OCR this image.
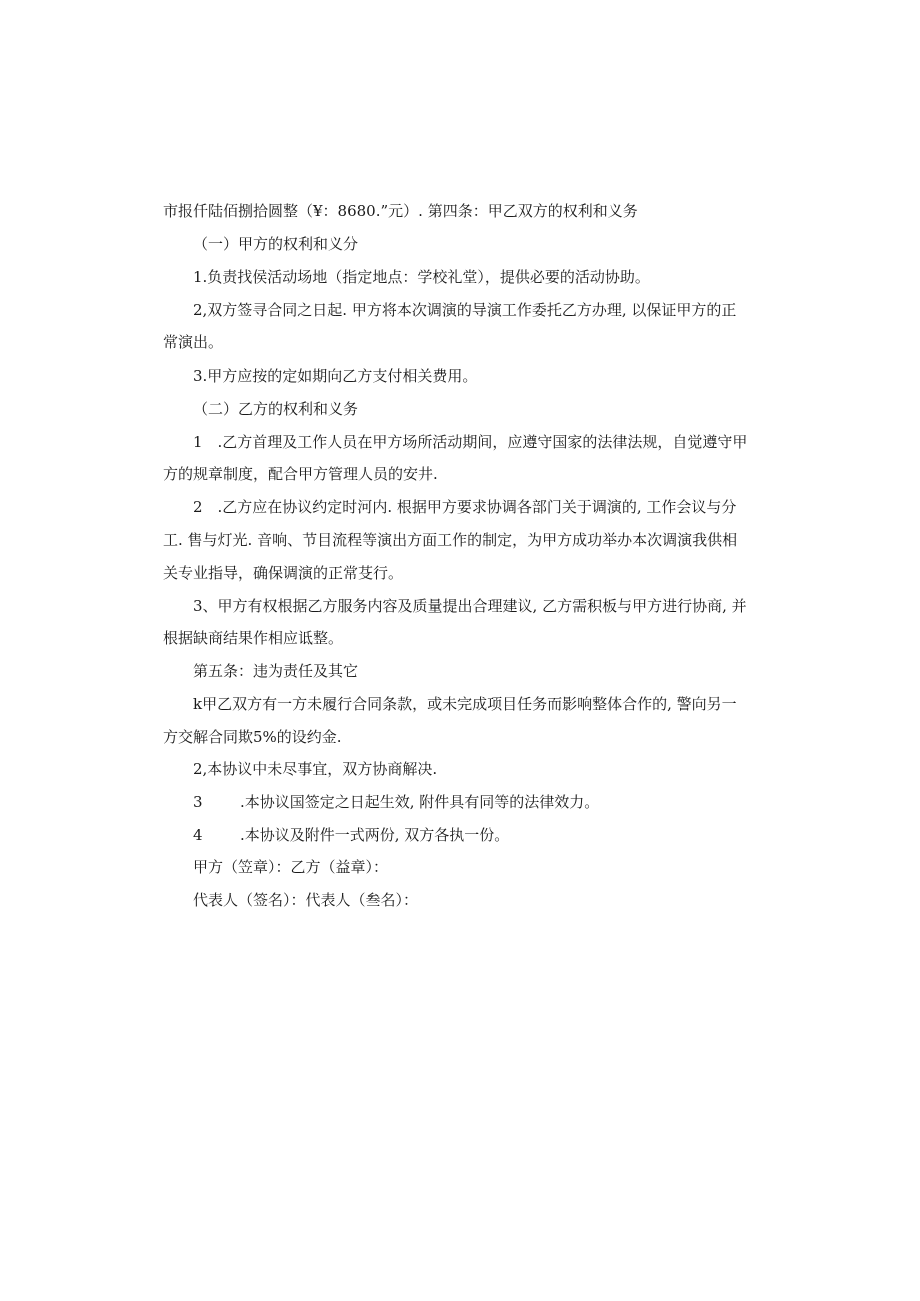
市报仟陆佰捌拾圆整（¥：8680.”元）. 第四条：甲乙双方的权利和义务

（一）甲方的权利和义分

1.负责找侯活动场地（指定地点：学校礼堂），提供必要的活动协助。

2,双方签寻合同之日起. 甲方将本次调演的导演工作委托乙方办理, 以保证甲方的正

常演出。

3.甲方应按的定如期向乙方支付相关费用。

（二）乙方的权利和义务

1　.乙方首理及工作人员在甲方场所活动期间，应遵守国家的法律法规，自觉遵守甲

方的规章制度，配合甲方管理人员的安井.

2　.乙方应在协议约定时河内. 根据甲方要求协调各部门关于调演的, 工作会议与分

工. 售与灯光. 音响、节目流程等演出方面工作的制定，为甲方成功举办本次调演我供相

关专业指导，确保调演的正常芟行。

3、甲方有权根据乙方服务内容及质量提出合理建议, 乙方需积板与甲方进行协商, 并

根据缺商结果作相应诋整。

第五条：违为责任及其它

k甲乙双方有一方未履行合同条款，或未完成项目任务而影响整体合作的, 警向另一

方交解合同欺5%的设约金.

2,本协议中未尽事宜，双方协商解决.

3 .本协议国签定之日起生效, 附件具有同等的法律效力。

4 .本协议及附件一式两份, 双方各执一份。

甲方（笠章）：乙方（益章）：

代表人（签名）：代表人（叁名）：
